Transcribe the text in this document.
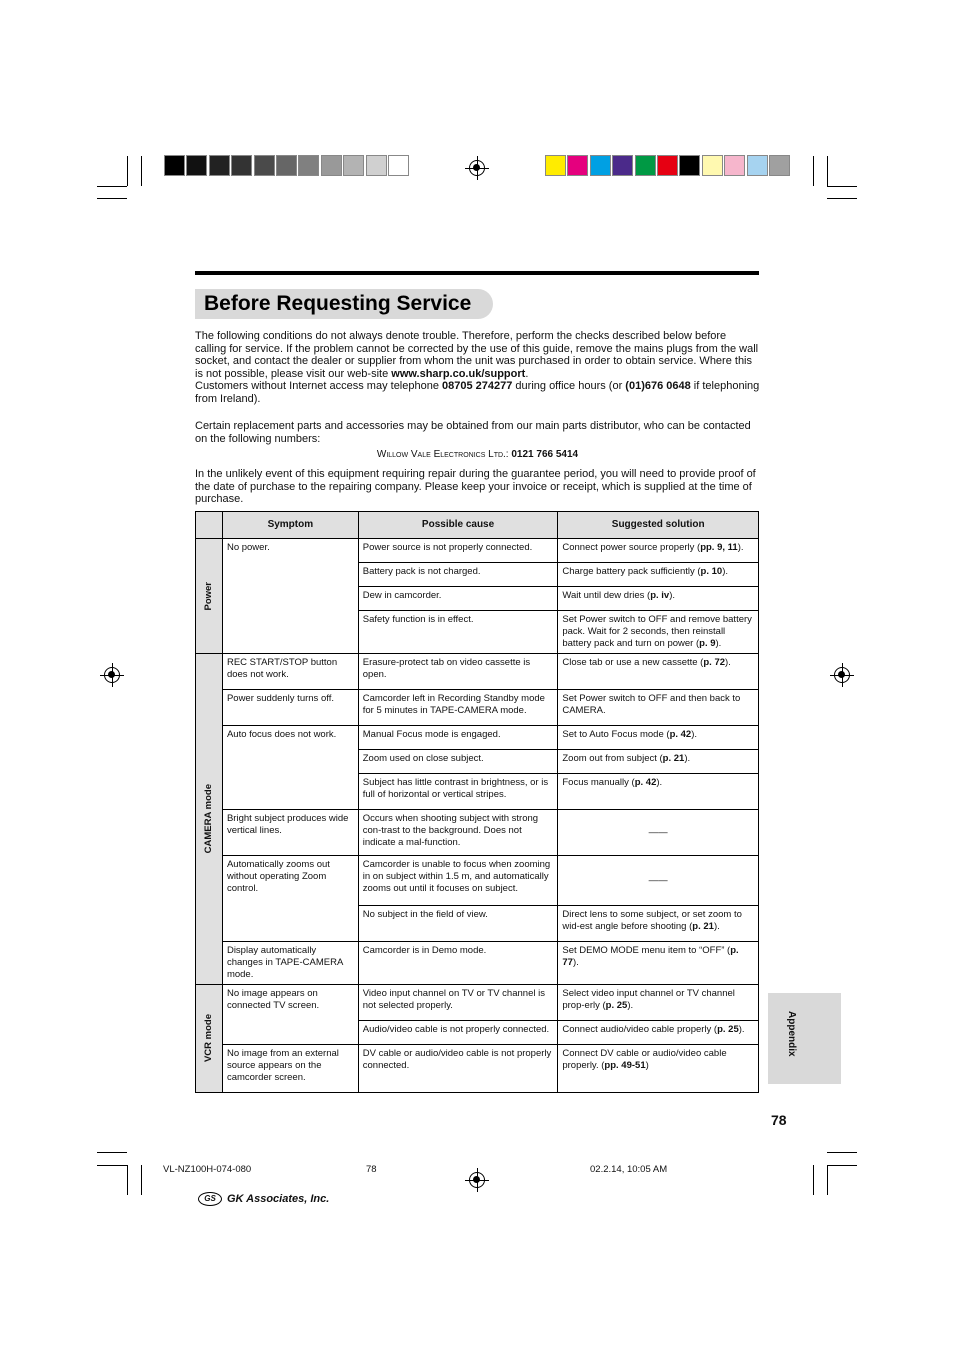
Before Requesting Service

The following conditions do not always denote trouble. Therefore, perform the checks described below before calling for service. If the problem cannot be corrected by the use of this guide, remove the mains plugs from the wall socket, and contact the dealer or supplier from whom the unit was purchased in order to obtain service. Where this is not possible, please visit our web-site www.sharp.co.uk/support.

Customers without Internet access may telephone 08705 274277 during office hours (or (01)676 0648 if telephoning from Ireland).

Certain replacement parts and accessories may be obtained from our main parts distributor, who can be contacted on the following numbers:

Willow Vale Electronics Ltd.: 0121 766 5414

In the unlikely event of this equipment requiring repair during the guarantee period, you will need to provide proof of the date of purchase to the repairing company. Please keep your invoice or receipt, which is supplied at the time of purchase.

	Symptom	Possible cause	Suggested solution

Power	No power.	Power source is not properly connected.	Connect power source properly (pp. 9, 11).
		Battery pack is not charged.	Charge battery pack sufficiently (p. 10).
		Dew in camcorder.	Wait until dew dries (p. iv).
		Safety function is in effect.	Set Power switch to OFF and remove battery pack. Wait for 2 seconds, then reinstall battery pack and turn on power (p. 9).

CAMERA mode	REC START/STOP button does not work.	Erasure-protect tab on video cassette is open.	Close tab or use a new cassette (p. 72).
	Power suddenly turns off.	Camcorder left in Recording Standby mode for 5 minutes in TAPE-CAMERA mode.	Set Power switch to OFF and then back to CAMERA.
	Auto focus does not work.	Manual Focus mode is engaged.	Set to Auto Focus mode (p. 42).
		Zoom used on close subject.	Zoom out from subject (p. 21).
		Subject has little contrast in brightness, or is full of horizontal or vertical stripes.	Focus manually (p. 42).
	Bright subject produces wide vertical lines.	Occurs when shooting subject with strong con-trast to the background. Does not indicate a mal-function.	——
	Automatically zooms out without operating Zoom control.	Camcorder is unable to focus when zooming in on subject within 1.5 m, and automatically zooms out until it focuses on subject.	——
		No subject in the field of view.	Direct lens to some subject, or set zoom to wid-est angle before shooting (p. 21).
	Display automatically changes in TAPE-CAMERA mode.	Camcorder is in Demo mode.	Set DEMO MODE menu item to “OFF” (p. 77).

VCR mode	No image appears on connected TV screen.	Video input channel on TV or TV channel is not selected properly.	Select video input channel or TV channel prop-erly (p. 25).
		Audio/video cable is not properly connected.	Connect audio/video cable properly (p. 25).
	No image from an external source appears on the camcorder screen.	DV cable or audio/video cable is not properly connected.	Connect DV cable or audio/video cable properly. (pp. 49-51)
Appendix
78
VL-NZ100H-074-080	78	02.2.14, 10:05 AM
GS	GK Associates, Inc.
